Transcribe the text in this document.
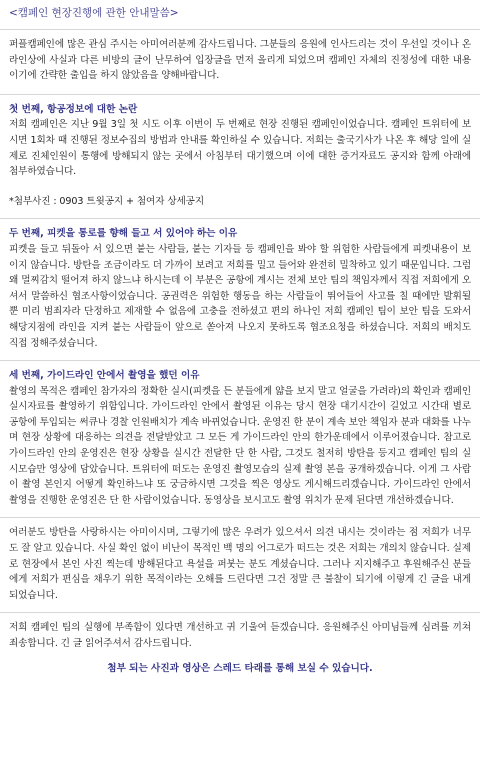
<캠페인 현장진행에 관한 안내말씀>

퍼플캠페인에 많은 관심 주시는 아미여러분께 감사드립니다. 그분들의 응원에 인사드리는 것이 우선일 것이나 온라인상에 사실과 다른 비방의 글이 난무하여 입장글을 먼저 올리게 되었으며 캠페인 자체의 진정성에 대한 내용이기에 간략한 출입을 하지 않았음을 양해바랍니다.

첫 번째, 항공정보에 대한 논란

저희 캠페인은 지난 9월 3일 첫 시도 이후 이번이 두 번째로 현장 진행된 캠페인이었습니다. 캠페인 트위터에 보시면 1회차 때 진행된 정보수집의 방법과 안내를 확인하실 수 있습니다. 저희는 출국기사가 나온 후 해당 일에 실제로 진체인원이 통행에 방해되지 않는 곳에서 아침부터 대기했으며 이에 대한 증거자료도 공지와 함께 아래에 첨부하였습니다.

*첨부사진 : 0903 트윗공지 + 첨여자 상세공지

두 번째, 피켓을 통로를 향해 들고 서 있어야 하는 이유

피켓을 들고 뒤돌아 서 있으면 붙는 사람들, 붙는 기자들 등 캠페인을 봐야 할 위험한 사람들에게 피켓내용이 보이지 않습니다. 방탄을 조금이라도 더 가까이 보려고 저희를 밀고 들어와 완전히 밀착하고 있기 때문입니다. 그럼 왜 멀찌감치 떨어져 하지 않느냐 하시는데 이 부분은 공항에 계시는 전체 보안 팀의 책임자께서 직접 저희에게 오셔서 말씀하신 협조사항이었습니다. 공권력은 위험한 행동을 하는 사람들이 뛰어들어 사고를 칠 때에만 발휘될 뿐 미리 범죄자라 단정하고 제재할 수 없음에 고충을 전하셨고 편의 하나인 저희 캠페인 팀이 보안 팀을 도와서 해당지점에 라인을 지켜 붙는 사람들이 앞으로 쏟아져 나오지 못하도록 협조요청을 하셨습니다. 저희의 배치도 직접 정해주셨습니다.

세 번째, 가이드라인 안에서 촬영을 했던 이유

촬영의 목적은 캠페인 참가자의 정확한 실시(피켓을 든 분들에게 얇을 보지 말고 얼굴을 가려라)의 확인과 캠페인 실시자료를 촬영하기 위함입니다. 가이드라인 안에서 촬영된 이유는 당시 현장 대기시간이 길었고 시간대 별로 공항에 투입되는 써큐나 경찰 인원배치가 계속 바뀌었습니다. 운영진 한 분이 계속 보안 책임자 분과 대화를 나누며 현장 상황에 대응하는 의견을 전달받았고 그 모든 게 가이드라인 안의 한가운데에서 이루어졌습니다. 참고로 가이드라인 안의 운영진은 현장 상황을 실시간 전달한 단 한 사람, 그것도 철저히 방탄을 등지고 캠페인 팀의 실시모습만 영상에 담았습니다. 트위터에 떠도는 운영진 촬영모습의 실제 촬영 본을 공개하겠습니다. 이게 그 사람이 촬영 본인지 어떻게 확인하느냐 또 궁금하시면 그것을 찍은 영상도 게시해드리겠습니다. 가이드라인 안에서 촬영을 진행한 운영진은 단 한 사람이었습니다. 동영상을 보시고도 촬영 위치가 문제 된다면 개선하겠습니다.

여러분도 방탄을 사랑하시는 아미이시며, 그렇기에 많은 우려가 있으셔서 의견 내시는 것이라는 점 저희가 너무도 잘 알고 있습니다. 사실 확인 없이 비난이 목적인 백 명의 어그로가 떠드는 것은 저희는 개의치 않습니다. 실제로 현장에서 본인 사진 찍는데 방해된다고 욕설을 퍼붓는 분도 계셨습니다. 그러나 지지해주고 후원해주신 분들에게 저희가 편심을 채우기 위한 목적이라는 오해를 드린다면 그건 정말 큰 불찰이 되기에 이렇게 긴 글을 내게 되었습니다.

저희 캠페인 팀의 실행에 부족함이 있다면 개선하고 귀 기울여 듣겠습니다. 응원해주신 아미님들께 심려를 끼쳐 죄송합니다. 긴 글 읽어주셔서 감사드립니다.

첨부 되는 사진과 영상은 스레드 타래를 통해 보실 수 있습니다.
